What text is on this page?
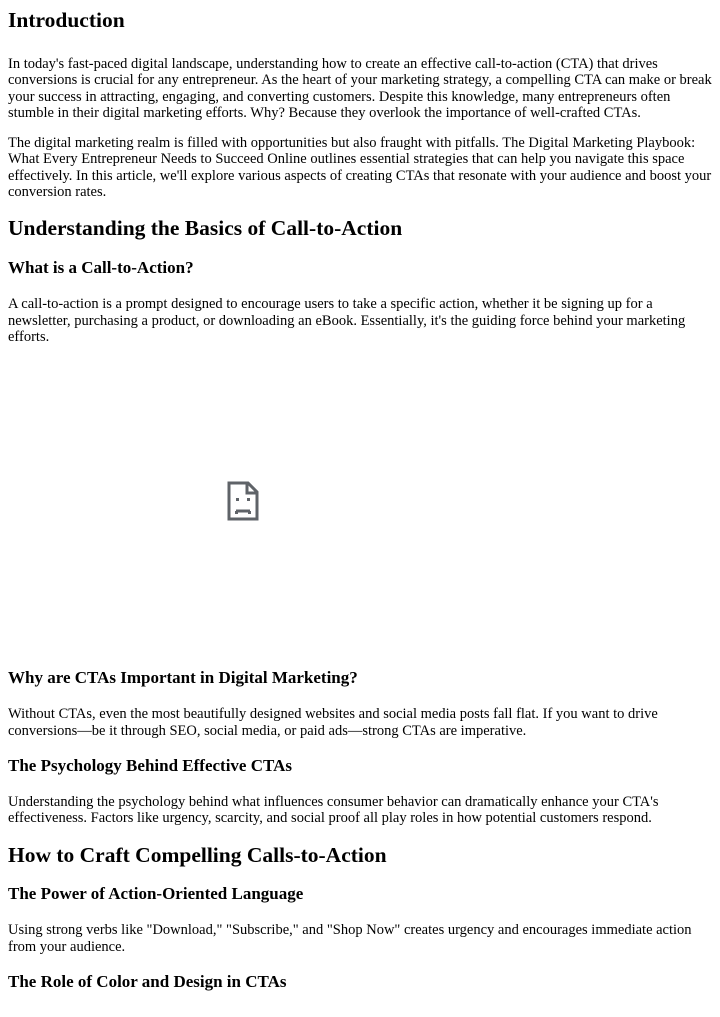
Introduction

In today's fast-paced digital landscape, understanding how to create an effective call-to-action (CTA) that drives conversions is crucial for any entrepreneur. As the heart of your marketing strategy, a compelling CTA can make or break your success in attracting, engaging, and converting customers. Despite this knowledge, many entrepreneurs often stumble in their digital marketing efforts. Why? Because they overlook the importance of well-crafted CTAs.

The digital marketing realm is filled with opportunities but also fraught with pitfalls. The Digital Marketing Playbook: What Every Entrepreneur Needs to Succeed Online outlines essential strategies that can help you navigate this space effectively. In this article, we'll explore various aspects of creating CTAs that resonate with your audience and boost your conversion rates.

Understanding the Basics of Call-to-Action
What is a Call-to-Action?

A call-to-action is a prompt designed to encourage users to take a specific action, whether it be signing up for a newsletter, purchasing a product, or downloading an eBook. Essentially, it's the guiding force behind your marketing efforts.

Why are CTAs Important in Digital Marketing?

Without CTAs, even the most beautifully designed websites and social media posts fall flat. If you want to drive conversions—be it through SEO, social media, or paid ads—strong CTAs are imperative.

The Psychology Behind Effective CTAs

Understanding the psychology behind what influences consumer behavior can dramatically enhance your CTA's effectiveness. Factors like urgency, scarcity, and social proof all play roles in how potential customers respond.

How to Craft Compelling Calls-to-Action
The Power of Action-Oriented Language

Using strong verbs like "Download," "Subscribe," and "Shop Now" creates urgency and encourages immediate action from your audience.

The Role of Color and Design in CTAs
